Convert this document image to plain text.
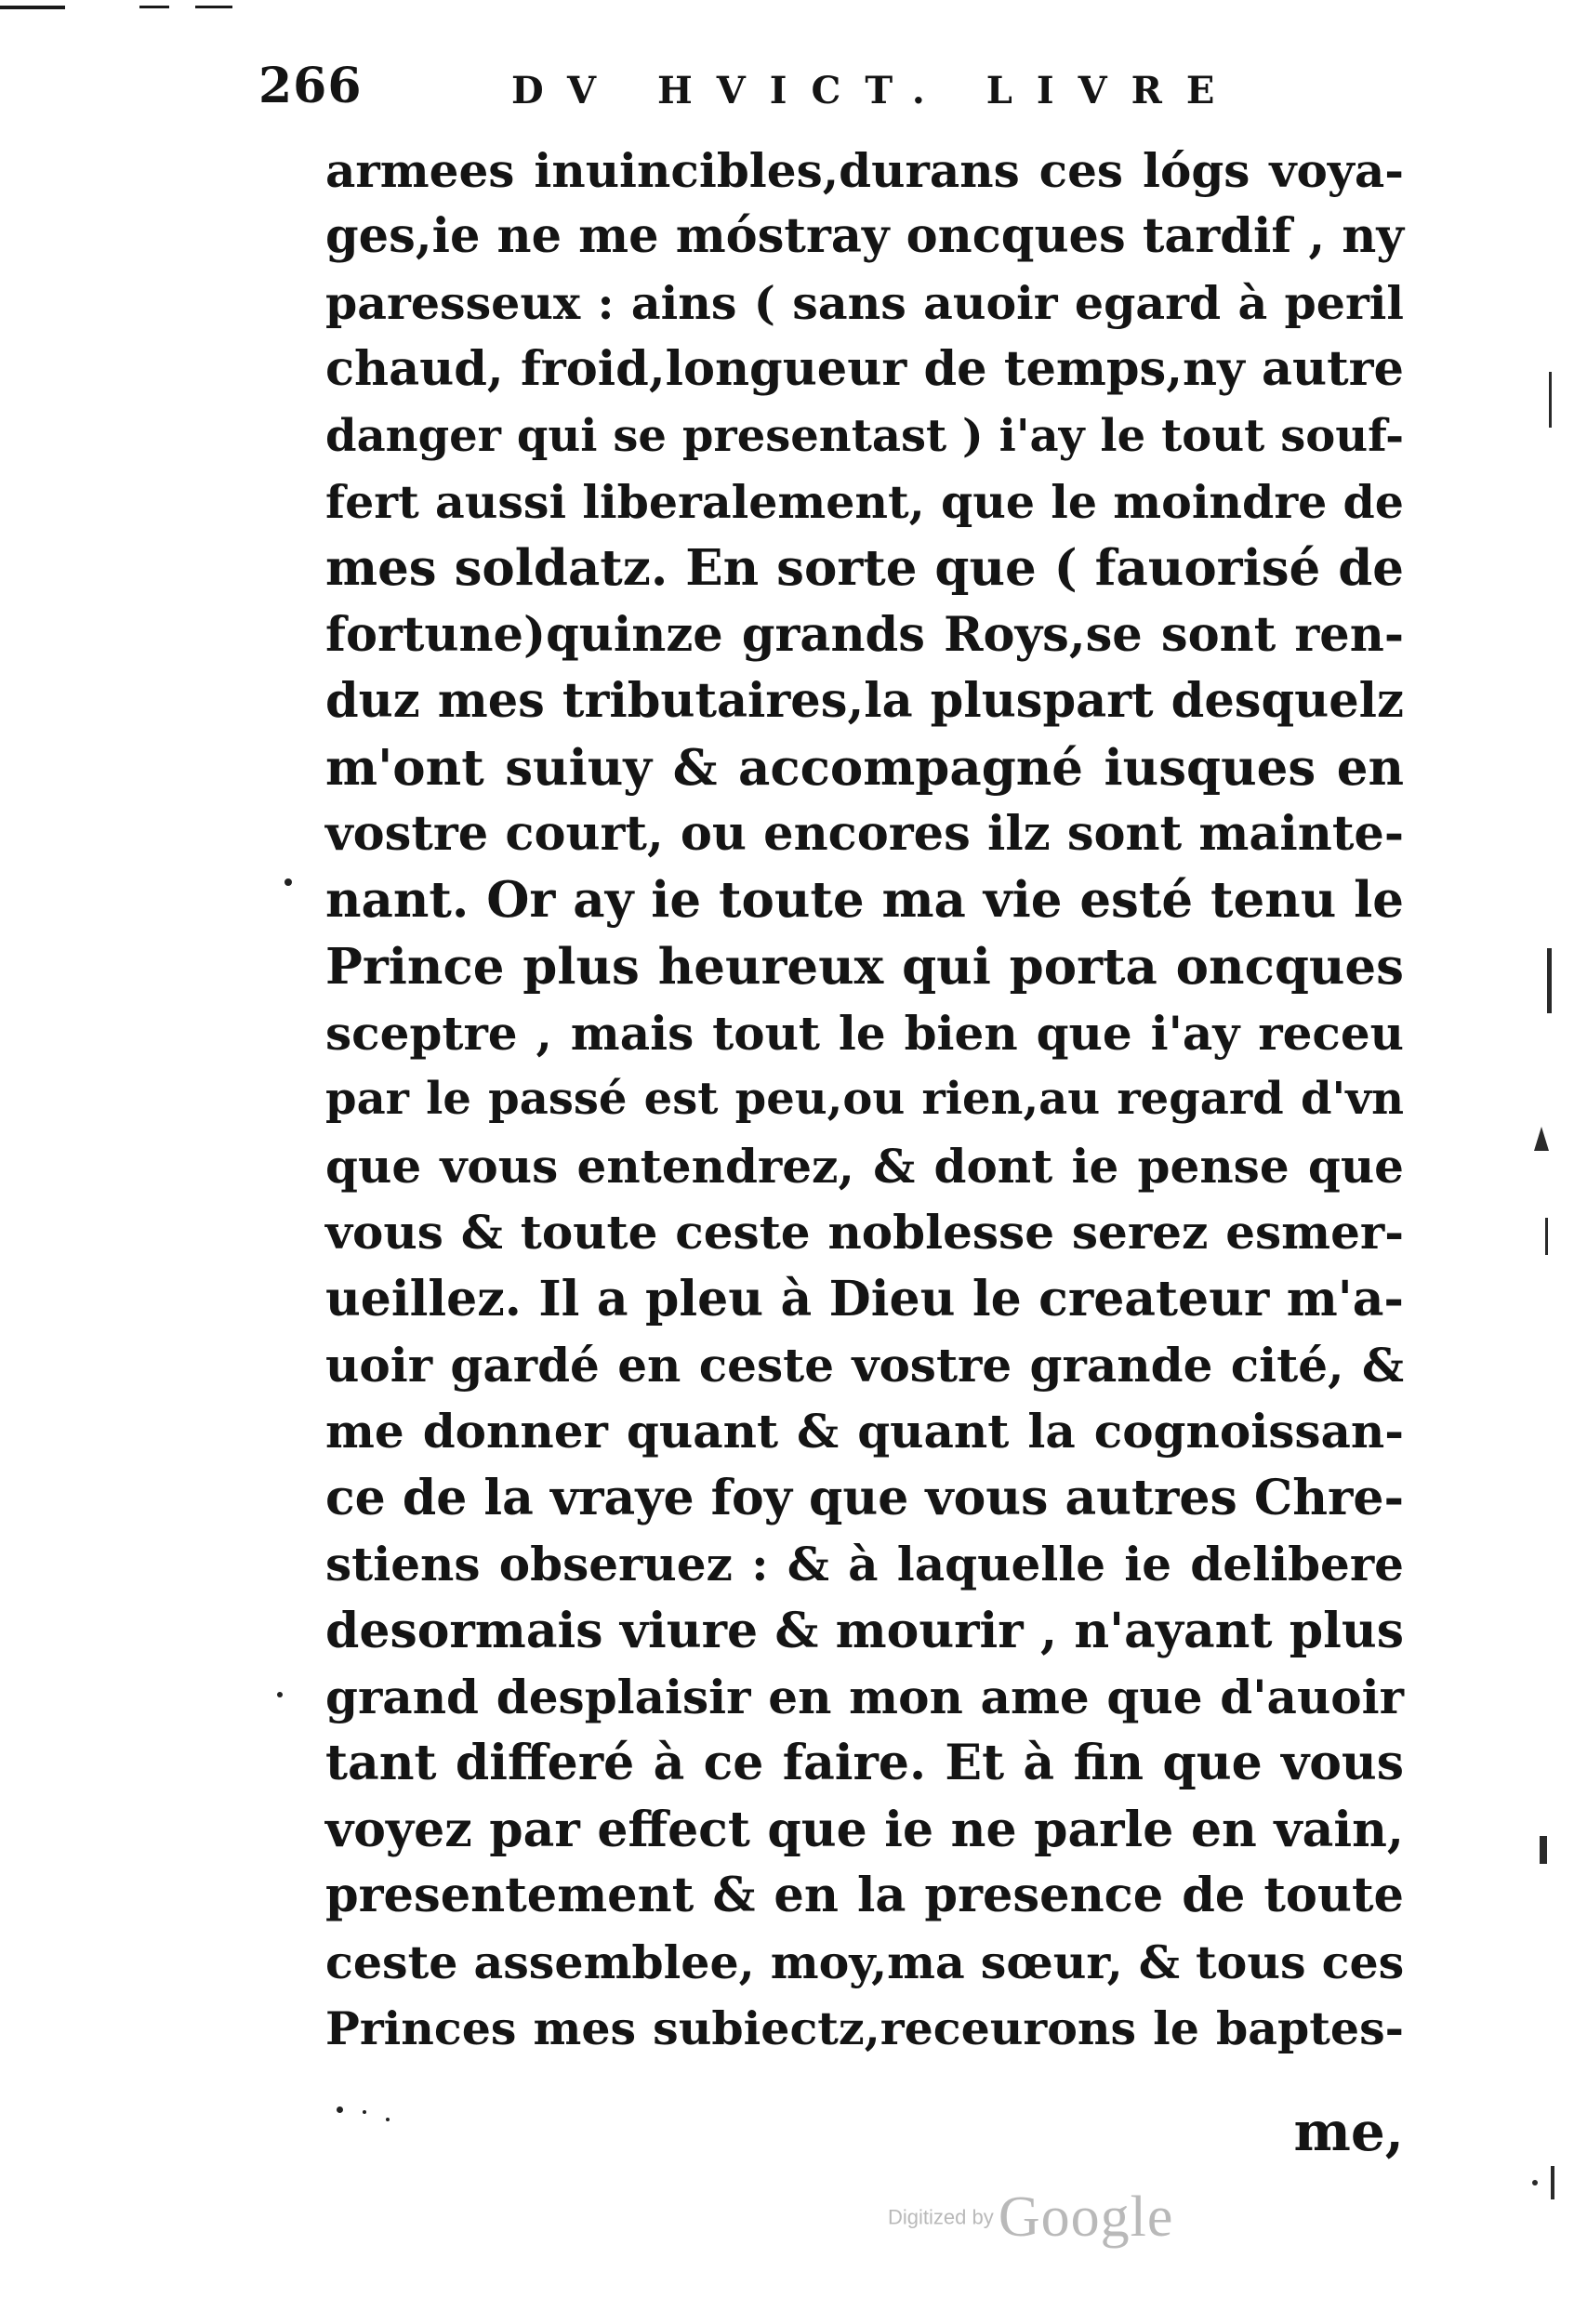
266	DV HVICT. LIVRE
armees inuincibles,durans ces lógs voya-
ges,ie ne me móstray oncques tardif , ny
paresseux : ains ( sans auoir egard à peril
chaud, froid,longueur de temps,ny autre
danger qui se presentast ) i'ay le tout souf-
fert aussi liberalement, que le moindre de
mes soldatz. En sorte que ( fauorisé de
fortune)quinze grands Roys,se sont ren-
duz mes tributaires,la pluspart desquelz
m'ont suiuy & accompagné iusques en
vostre court, ou encores ilz sont mainte-
nant. Or ay ie toute ma vie esté tenu le
Prince plus heureux qui porta oncques
sceptre , mais tout le bien que i'ay receu
par le passé est peu,ou rien,au regard d'vn
que vous entendrez, & dont ie pense que
vous & toute ceste noblesse serez esmer-
ueillez. Il a pleu à Dieu le createur m'a-
uoir gardé en ceste vostre grande cité, &
me donner quant & quant la cognoissan-
ce de la vraye foy que vous autres Chre-
stiens obseruez : & à laquelle ie delibere
desormais viure & mourir , n'ayant plus
grand desplaisir en mon ame que d'auoir
tant differé à ce faire. Et à fin que vous
voyez par effect que ie ne parle en vain,
presentement & en la presence de toute
ceste assemblee, moy,ma sœur, & tous ces
Princes mes subiectz,receurons le baptes-
me,
Digitized by Google
